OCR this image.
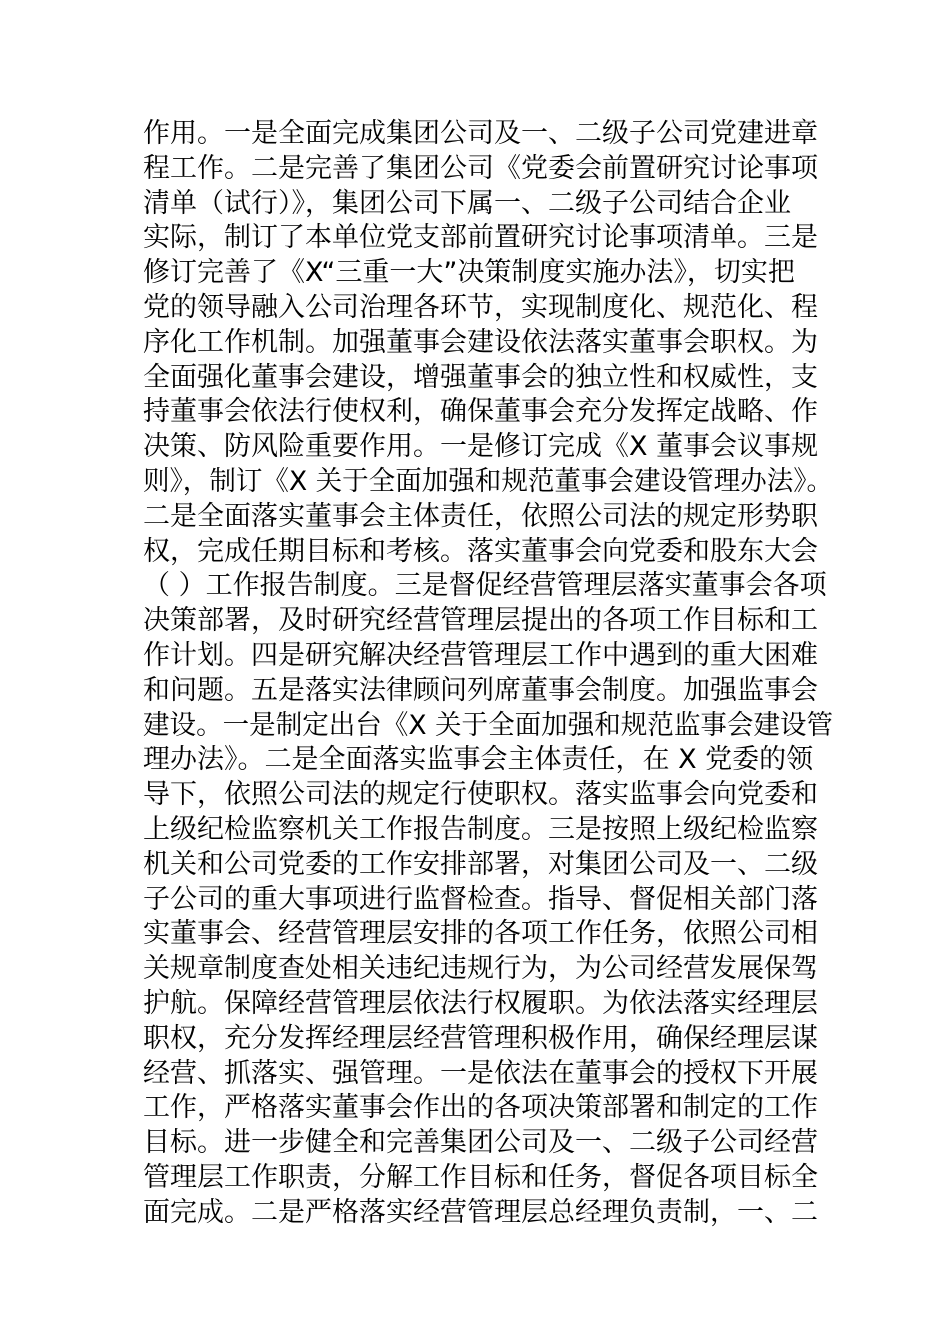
作用。一是全面完成集团公司及一、二级子公司党建进章
程工作。二是完善了集团公司《党委会前置研究讨论事项
清单（试行）》，集团公司下属一、二级子公司结合企业
实际，制订了本单位党支部前置研究讨论事项清单。三是
修订完善了《X“三重一大”决策制度实施办法》，切实把
党的领导融入公司治理各环节，实现制度化、规范化、程
序化工作机制。加强董事会建设依法落实董事会职权。为
全面强化董事会建设，增强董事会的独立性和权威性，支
持董事会依法行使权利，确保董事会充分发挥定战略、作
决策、防风险重要作用。一是修订完成《X 董事会议事规
则》，制订《X 关于全面加强和规范董事会建设管理办法》。
二是全面落实董事会主体责任，依照公司法的规定形势职
权，完成任期目标和考核。落实董事会向党委和股东大会
（ ）工作报告制度。三是督促经营管理层落实董事会各项
决策部署，及时研究经营管理层提出的各项工作目标和工
作计划。四是研究解决经营管理层工作中遇到的重大困难
和问题。五是落实法律顾问列席董事会制度。加强监事会
建设。一是制定出台《X 关于全面加强和规范监事会建设管
理办法》。二是全面落实监事会主体责任，在 X 党委的领
导下，依照公司法的规定行使职权。落实监事会向党委和
上级纪检监察机关工作报告制度。三是按照上级纪检监察
机关和公司党委的工作安排部署，对集团公司及一、二级
子公司的重大事项进行监督检查。指导、督促相关部门落
实董事会、经营管理层安排的各项工作任务，依照公司相
关规章制度查处相关违纪违规行为，为公司经营发展保驾
护航。保障经营管理层依法行权履职。为依法落实经理层
职权，充分发挥经理层经营管理积极作用，确保经理层谋
经营、抓落实、强管理。一是依法在董事会的授权下开展
工作，严格落实董事会作出的各项决策部署和制定的工作
目标。进一步健全和完善集团公司及一、二级子公司经营
管理层工作职责，分解工作目标和任务，督促各项目标全
面完成。二是严格落实经营管理层总经理负责制，一、二
